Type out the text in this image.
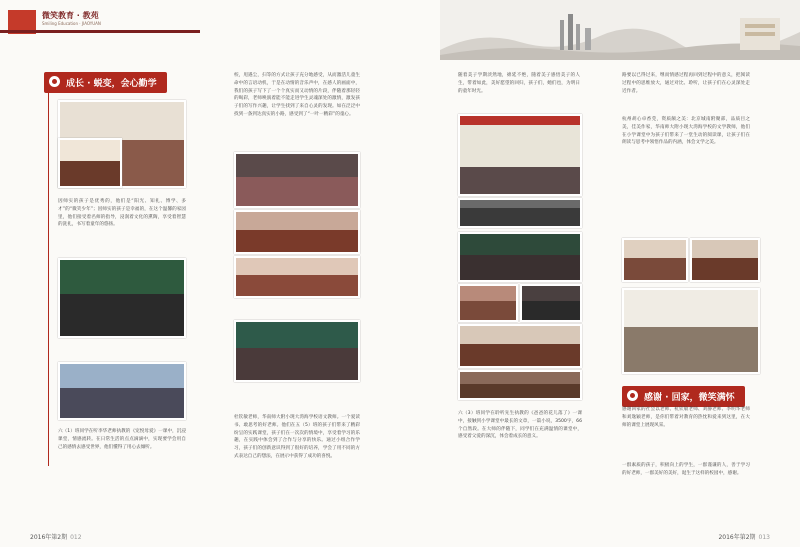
微笑教育 · 教苑
Smiling Education · JIAOYUAN
成长 · 蜕变，会心勤学
因师实的孩子是优秀的，他们是“阳光、知礼、博学、多才”的“微笑少年”；因师实的孩子是幸福的，在这个温馨的家园里，他们接受着名师的指导，浸润着文化的熏陶，享受着智慧的洗礼，书写着童年的悠扬。
六（1）班同学在听李华老师执教的《宠悦母爱》一课中，沉浸课堂，情感流转。在日常生活的点点滴滴中，实现要学会用自己的感情去感受世界，他们懂得了用心去倾听。
校，甩遇尘，扫等的方式让孩子充分地感受，从而激活儿童生命中的言语动机，于是在动情的音乐声中，在感人的画面中，我们的孩子写下了一个个真实而又动情的片段，伴随着那轻轻的喝彩，老师唤演着能不能走进学生灵魂深处的激情，激发孩子们的写作兴趣，让学生找到了来自心灵的发现。如在泛泛中找到一条到达真实的小路，感受到了“一叶一精彩”的童心。
杜钦敏老师，华南师大附小现大湾海学校语文教师。一个爱读书、敢思考的好老师。他们在五（5）班的孩子们带来了精彩纷呈的实践课堂，孩子们在一次次的情境中，享受着学习的乐趣，在实践中体会到了合作与分享的快乐。通过小组合作学习，孩子们的创新意识得到了很好的培养，学会了用不同的方式表达自己的想法，在展示中获得了成功的喜悦。
2016年第2期 012
随着美子学期淡然地，绵延不绝，随着美子感悟美子的人生，带着如此，美好愿望的回归，孩子们，她们也，为明日的童年时光。
六（3）班同学在聆听先生执教的《爸爸的花儿落了》一课中，接触到小学课堂中最长的文章，一篇小说，3500字，66个自然段。在大师的伴随下，同学们在充满温情的课堂中，感受着父爱的深沉，体会着成长的意义。
路要以已得过来，继而情感过程再回到过程中的意义，把阅读过程中的思维放大，通过对比、聆听，让孩子们在心灵深处走近作者。
杭州胡心卓香莞，资质颇之美：北京城南附聚部，品质目之美，佳美作家，华南师大附小现大湾海学校的文学教师，他们在小学课堂中为孩子们带来了一堂生动的阅读课，让孩子们在朗读与思考中领悟作品的内涵，体会文学之美。
感谢 · 回家，微笑满怀
感谢回家的社会以老师、杭钦敏老师、刘静老师、李明华老师和刘逸颖老师，是你们带着对教育的热忱和爱来到这里，在大师的课堂上展现风采。
一群素质的孩子，积极向上的学生，一群谨谦的人，善于学习的好老师，一群美好的美好，诞生于这样的校园中，感谢。
2016年第2期 013
